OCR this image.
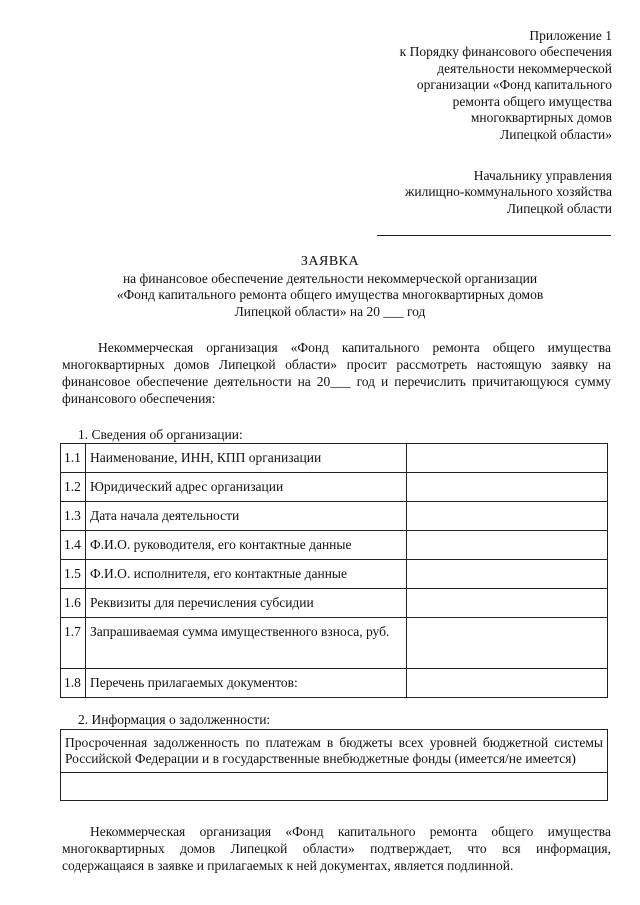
Приложение 1
к Порядку финансового обеспечения
деятельности некоммерческой
организации «Фонд капитального
ремонта общего имущества
многоквартирных домов
Липецкой области»
Начальнику управления
жилищно-коммунального хозяйства
Липецкой области
ЗАЯВКА
на финансовое обеспечение деятельности некоммерческой организации
«Фонд капитального ремонта общего имущества многоквартирных домов
Липецкой области» на 20 ___ год
Некоммерческая организация «Фонд капитального ремонта общего имущества многоквартирных домов Липецкой области» просит рассмотреть настоящую заявку на финансовое обеспечение деятельности на 20___ год и перечислить причитающуюся сумму финансового обеспечения:
1. Сведения об организации:
1.1	Наименование, ИНН, КПП организации	
1.2	Юридический адрес организации	
1.3	Дата начала деятельности	
1.4	Ф.И.О. руководителя, его контактные данные	
1.5	Ф.И.О. исполнителя, его контактные данные	
1.6	Реквизиты для перечисления субсидии	
1.7	Запрашиваемая сумма имущественного взноса, руб.	
1.8	Перечень прилагаемых документов:	
2. Информация о задолженности:
Просроченная задолженность по платежам в бюджеты всех уровней бюджетной системы Российской Федерации и в государственные внебюджетные фонды (имеется/не имеется)

Некоммерческая организация «Фонд капитального ремонта общего имущества многоквартирных домов Липецкой области» подтверждает, что вся информация, содержащаяся в заявке и прилагаемых к ней документах, является подлинной.
